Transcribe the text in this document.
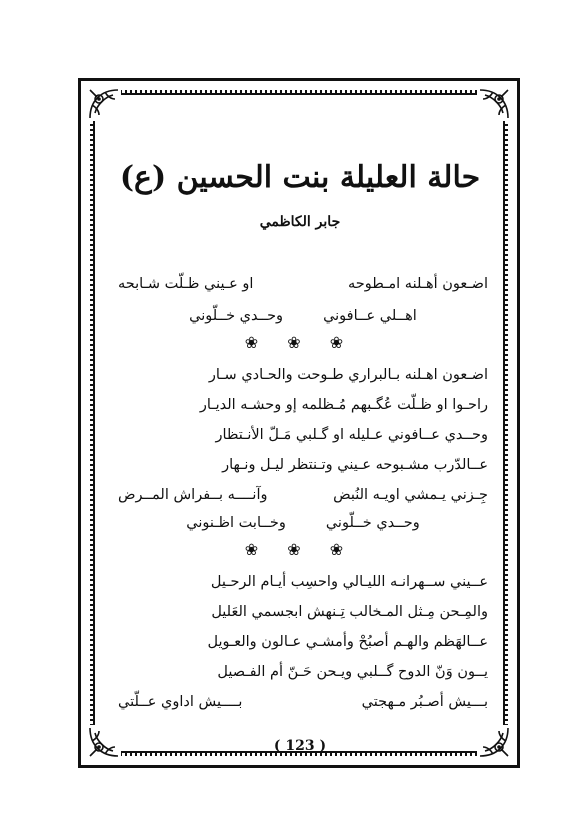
حالة العليلة بنت الحسين (ع)
جابر الكاظمي
اضـعون أهـلنه امـطوحه
او عـيني ظـلّت شـابحه
اهــلي عــافوني
وحــدي خــلّوني
❀ ❀ ❀
اضـعون اهـلنه بـالبراري طـوحت والحـادي سـار
راحـوا او ظـلّت عُگـبهم مُـظلمه إو وحشـه الديـار
وحــدي عــافوني عـليله او گـلبي مَـلّ الأنـتظار
عــالدّرب مشـبوحه عـيني وتـنتظر ليـل ونـهار
جِـزني يـمشي اويـه النُبض
وآنــــه بــفراش المــرض
وحــدي خــلّوني
وخــابت اظـنوني
❀ ❀ ❀
عــيني ســهرانـه الليـالي واحسِب أيـام الرحـيل
والمِـحن مِـثل المـخالب تِـنهش ابجسمي العَليل
عــالهَظم والهـم أصبُحْ وأمشـي عـالون والعـويل
يــون وَنّ الدوح گــلبي ويـحن حَـنّ أم الفـصيل
بـــيش أصـبُر مـهجتي
بــــيش اداوي عــلّتي
( 123 )
